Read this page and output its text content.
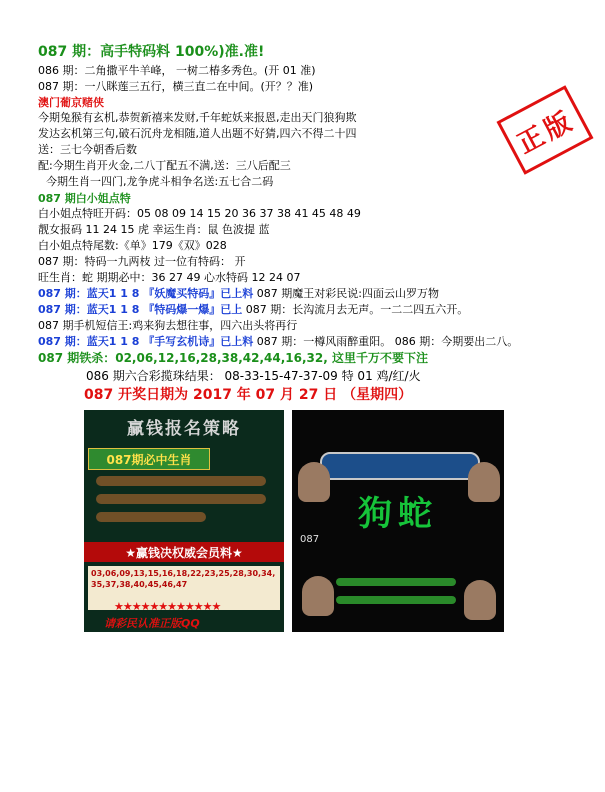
正版
087 期：高手特码料 100%)准.准!
086 期：二角撒平牛羊峰， 一树二椿多秀色。(开 01 准)
087 期：一八眯莲三五行，横三直二在中间。(开？？准)
澳门葡京赌侠
今期兔猴有玄机,恭贺新禧来发财,千年蛇妖来报恩,走出天门狼狗欺
发达玄机第三句,破石沉舟龙相随,道人出题不好猜,四六不得二十四
送：三七今朝香后数
配:今期生肖开火金,二八丁配五不满,送：三八后配三
今期生肖一四门,龙争虎斗相争名送:五七合二码
087 期白小姐点特
白小姐点特旺开码：05 08 09 14 15 20 36 37 38 41 45 48 49
靓女报码 11 24 15 虎 幸运生肖：鼠 色波提 蓝
白小姐点特尾数:《单》179《双》028
087 期：特码一九两枝 过一位有特码： 开
旺生肖：蛇 期期必中：36 27 49 心水特码 12 24 07
087 期：蓝天1 1 8 『妖魔买特码』已上料 087 期魔王对彩民说:四面云山罗万物
087 期：蓝天1 1 8 『特码爆一爆』已上 087 期：长沟流月去无声。一二二四五六开。
087 期手机短信王:鸡来狗去想往事，四六出头将再行
087 期：蓝天1 1 8 『手写玄机诗』已上料 087 期：一樽风雨醉重阳。 086 期：今期要出二八。
087 期铁杀：02,06,12,16,28,38,42,44,16,32, 这里千万不要下注
086 期六合彩揽珠结果： 08-33-15-47-37-09 特 01 鸡/红/火
087 开奖日期为 2017 年 07 月 27 日 （星期四）
赢钱报名策略
087期必中生肖
★赢钱决权威会员料★
03,06,09,13,15,16,18,22,23,25,28,30,34,35,37,38,40,45,46,47
★★★★★★★★★★★★
请彩民认准正版QQ
狗蛇
087
